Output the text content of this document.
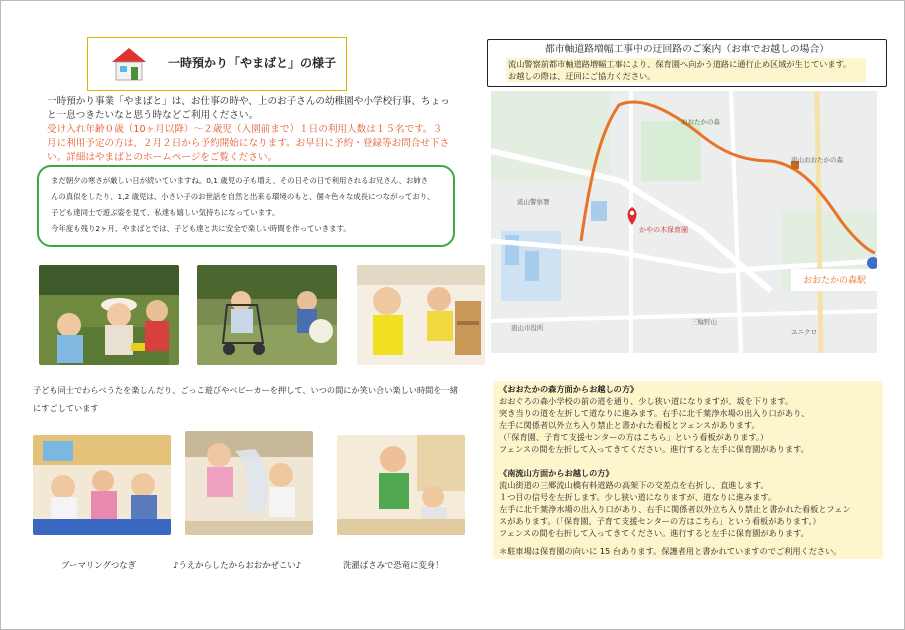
一時預かり「やまばと」の様子
一時預かり事業「やまばと」は、お仕事の時や、上のお子さんの幼稚園や小学校行事、ちょっと一息つきたいなと思う時などご利用ください。
受け入れ年齢０歳（10ヶ月以降）〜２歳児（入園前まで）１日の利用人数は１５名です。３月に利用予定の方は、２月２日から予約開始になります。お早目に予約・登録等お問合せ下さい。詳細はやまばとのホームページをご覧ください。

まだ朝夕の寒さが厳しい日が続いていますね。0,1 歳児の子も増え、その日その日で利用されるお兄さん、お姉さ

んの真似をしたり、1,2 歳児は、小さい子のお世話を自然と出来る環境のもと、個々色々な成長につながっており、

子ども達同士で遊ぶ姿を見て、私達も嬉しい気持ちになっています。

今年度も残り2ヶ月、やまばとでは、子ども達と共に安全で楽しい時間を作っていきます。

子ども同士でわらべうたを楽しんだり、ごっこ遊びやベビーカーを押して、いつの間にか笑い合い楽しい時間を一緒にすごしています
ブーマリングつなぎ	♪うえからしたからおおかぜこい♪	洗濯ばさみで恐竜に変身！
都市軸道路増幅工事中の迂回路のご案内（お車でお越しの場合）
流山警察前都市軸道路増幅工事により、保育園へ向かう道路に通行止め区域が生じています。
お越しの際は、迂回にご協力ください。
かやの木保育園
おおたかの森駅
おおたかの森
流山市役所
流山おおたかの森
三輪野山
流山警察署
ユニクロ
《おおたかの森方面からお越しの方》
おおぐろの森小学校の前の道を通り、少し狭い道になりますが、坂を下ります。
突き当りの道を左折して道なりに進みます。右手に北千葉浄水場の出入り口があり、
左手に関係者以外立ち入り禁止と書かれた看板とフェンスがあります。
（「保育園、子育て支援センターの方はこちら」という看板があります。）
フェンスの間を左折して入ってきてください。進行すると左手に保育園があります。
《南流山方面からお越しの方》
流山街道の三郷流山橋有料道路の高架下の交差点を右折し、直進します。
１つ目の信号を左折します。少し狭い道になりますが、道なりに進みます。
左手に北千葉浄水場の出入り口があり、右手に関係者以外立ち入り禁止と書かれた看板とフェン
スがあります。（「保育園、子育て支援センターの方はこちら」という看板があります。）
フェンスの間を右折して入ってきてください。進行すると左手に保育園があります。
＊駐車場は保育園の向いに 15 台あります。保護者用と書かれていますのでご利用ください。
